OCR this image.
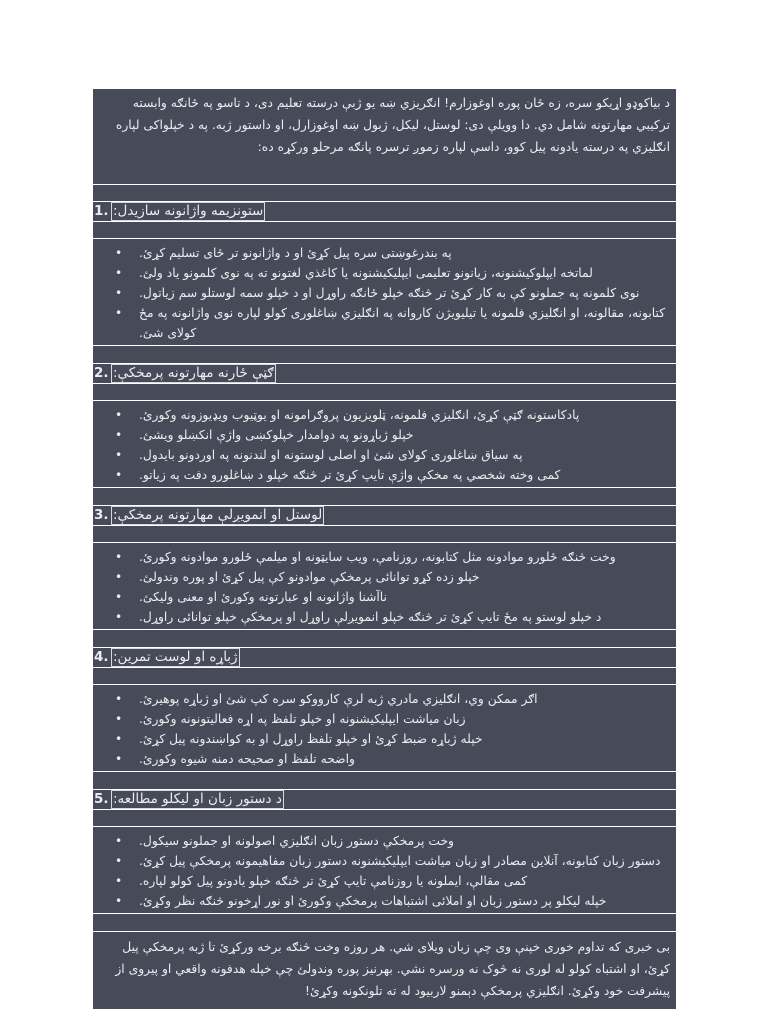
د بیاکوډو اړیکو سره، زه ځان پوره اوغوزارم! انګریزي ښه یو ژبې درسته تعلیم دی، د تاسو په ځانګه وابسته ترکیبي مهارتونه شامل دي. دا وویلې دی: لوستل، لیکل، ژبول ښه اوغوزارل، او داستور ژبه. په د خپلواکی لپاره انګلیزي په درسته یادونه پیل کوو، داسې لپاره زموږ ترسره پانګه مرحلو ورکړه ده:

1. ستونزیمه واژانونه سازیدل:
• په بندرغوښتی سره پیل کړئ او د واژانونو تر ځای تسلیم کړئ.
• لماتخه ایپلوکیشنونه، زیانونو تعلیمی ایپلیکیشنونه یا کاغذي لغتونو ته په نوی کلمونو یاد ولئ.
• نوی کلمونه په جملونو کې به کار کړئ تر څنګه خپلو ځانګه راوړل او د خپلو سمه لوستلو سم زیاتول.
• کتابونه، مقالونه، او انګلیزي فلمونه یا تیلیویژن کاروانه په انګلیزي ښاغلوری کولو لپاره نوی واژانونه په مځ کولای شئ.
2. ګټې ځارنه مهارتونه پرمخکې:
• پادکاستونه ګټې کړئ، انګلیزي فلمونه، ټلویزیون پروګرامونه او یوټیوب ویډیوزونه وکورئ.
• خپلو ژباړونو په دوامدار خپلوکښی واژې انکښلو ویشئ.
• په سیاق ښاغلوری کولای شئ او اصلی لوستونه او لندنونه په اوردونو بایدول.
• کمی وخته شخصي په مخکې واژې تایپ کړئ تر څنګه خپلو د ښاغلورو دفت په زیاتو.
3. لوستل او انمویږلې مهارتونه پرمخکې:
• وخت څنګه ځلورو موادونه مثل کتابونه، روزنامې، ویب سایټونه او میلمې ځلورو موادونه وکورئ.
• خپلو زده کړو توانائی پرمخکې موادونو کې پیل کړئ او پوره وندولئ.
• ناآشنا واژانونه او عبارتونه وکورئ او معنی ولیکئ.
• د خپلو لوستو په مځ تایپ کړئ تر څنګه خپلو انمویږلې راوړل او پرمخکې خپلو توانائی راوړل.
4. ژباړه او لوست تمرین:
• اګر ممکن وي، انګلیزي مادري ژبه لرې کارووکو سره کپ شئ او ژباړه پوهیرئ.
• زبان میاشت ایپلیکیشنونه او خپلو تلفظ په اړه فعالیتونونه وکورئ.
• خپله ژباړه ضبط کړئ او خپلو تلفظ راوړل او به کواښندونه پیل کړئ.
• واضحه تلفظ او صحیحه دمنه شیوه وکورئ.
5. د دستور زبان او لیکلو مطالعه:
• وخت پرمخکې دستور زبان انګلیزي اصولونه او جملونو سیکول.
• دستور زبان کتابونه، آنلاین مصادر او زبان میاشت ایپلیکیشنونه دستور زبان مفاهیمونه پرمخکې پیل کړئ.
• کمی مقالې، ایملونه یا روزنامې تایپ کړئ تر څنګه خپلو یادونو پیل کولو لپاره.
• خپله لیکلو پر دستور زبان او املائی اشتباهات پرمخکې وکورئ او نور اړخونو څنګه نظر وکړئ.

بی خبری که تداوم خوری خپنې وی چې زبان ویلای شي. هر روزه وخت څنګه برخه ورکړئ تا ژبه پرمخکې پیل کړئ، او اشتباه کولو له لوری نه څوک نه ورسره نشي. بهرنیز پوره وندولئ چې خپله هدفونه واقعي او پیروی از پیشرفت خود وکړئ. انګلیزي پرمخکې دېمنو لاربیود له ته تلونکونه وکړئ!
